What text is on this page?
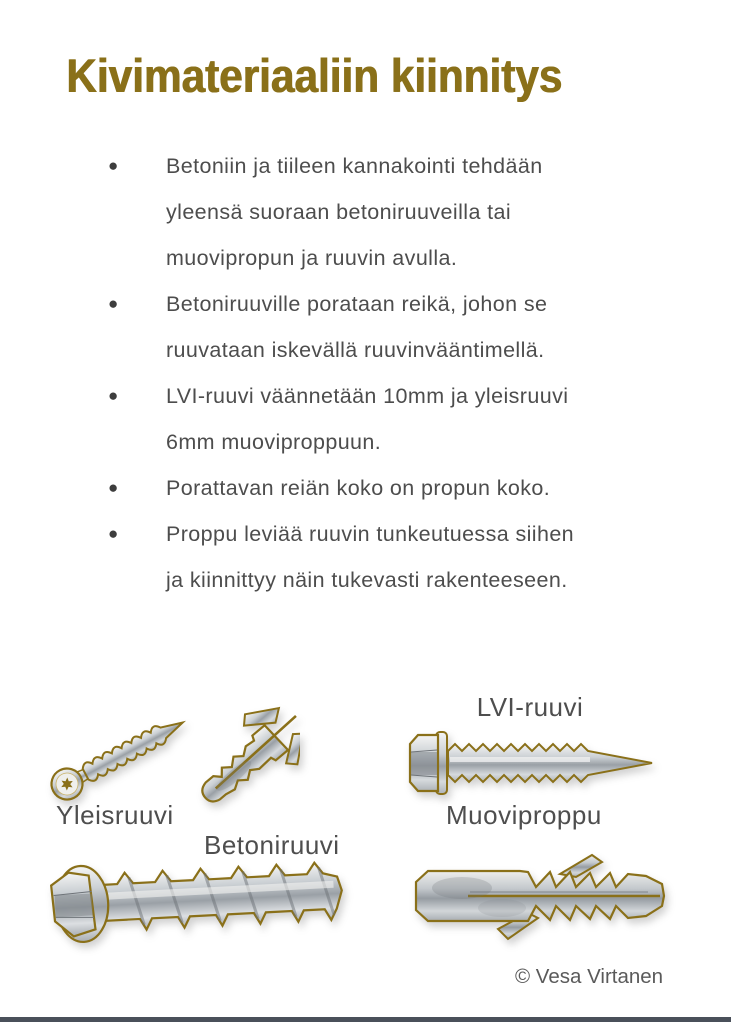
Kivimateriaaliin kiinnitys
● Betoniin ja tiileen kannakointi tehdään
yleensä suoraan betoniruuveilla tai
muovipropun ja ruuvin avulla.
● Betoniruuville porataan reikä, johon se
ruuvataan iskevällä ruuvinvääntimellä.
● LVI-ruuvi väännetään 10mm ja yleisruuvi
6mm muoviproppuun.
● Porattavan reiän koko on propun koko.
● Proppu leviää ruuvin tunkeutuessa siihen
ja kiinnittyy näin tukevasti rakenteeseen.
LVI-ruuvi
Yleisruuvi	Muoviproppu
Betoniruuvi
© Vesa Virtanen
